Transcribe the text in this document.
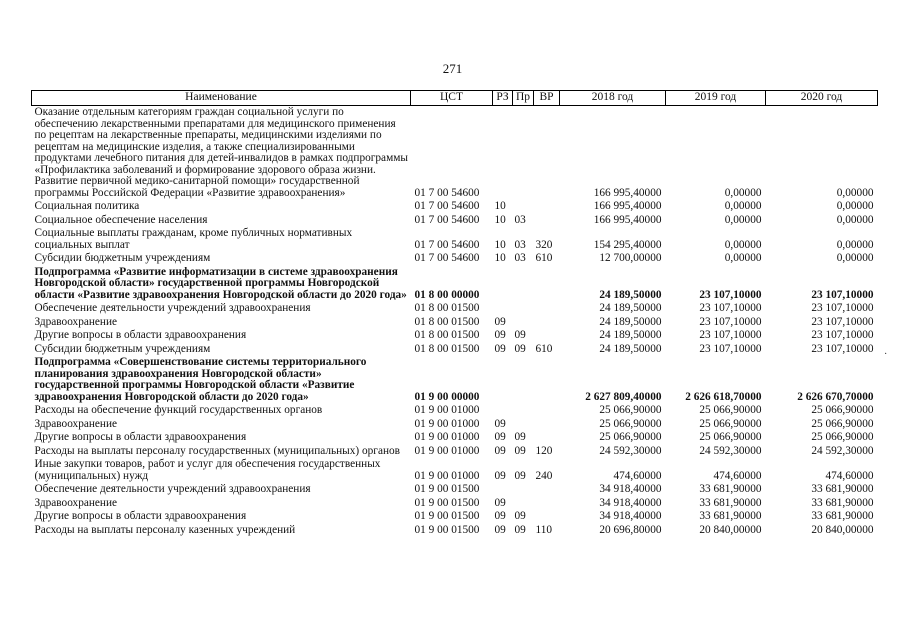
271
Наименование	ЦСТ	РЗ	Пр	ВР	2018 год	2019 год	2020 год
Оказание отдельным категориям граждан социальной услуги по обеспечению лекарственными препаратами для медицинского применения по рецептам на лекарственные препараты, медицинскими изделиями по рецептам на медицинские изделия, а также специализированными продуктами лечебного питания для детей-инвалидов в рамках подпрограммы «Профилактика заболеваний и формирование здорового образа жизни. Развитие первичной медико-санитарной помощи» государственной программы Российской Федерации «Развитие здравоохранения»	01 7 00 54600				166 995,40000	0,00000	0,00000
Социальная политика	01 7 00 54600	10			166 995,40000	0,00000	0,00000
Социальное обеспечение населения	01 7 00 54600	10	03		166 995,40000	0,00000	0,00000
Социальные выплаты гражданам, кроме публичных нормативных социальных выплат	01 7 00 54600	10	03	320	154 295,40000	0,00000	0,00000
Субсидии бюджетным учреждениям	01 7 00 54600	10	03	610	12 700,00000	0,00000	0,00000
Подпрограмма «Развитие информатизации в системе здравоохранения Новгородской области» государственной программы Новгородской области «Развитие здравоохранения Новгородской области до 2020 года»	01 8 00 00000				24 189,50000	23 107,10000	23 107,10000
Обеспечение деятельности учреждений здравоохранения	01 8 00 01500				24 189,50000	23 107,10000	23 107,10000
Здравоохранение	01 8 00 01500	09			24 189,50000	23 107,10000	23 107,10000
Другие вопросы в области здравоохранения	01 8 00 01500	09	09		24 189,50000	23 107,10000	23 107,10000
Субсидии бюджетным учреждениям	01 8 00 01500	09	09	610	24 189,50000	23 107,10000	23 107,10000
Подпрограмма «Совершенствование системы территориального планирования здравоохранения Новгородской области» государственной программы Новгородской области «Развитие здравоохранения Новгородской области до 2020 года»	01 9 00 00000				2 627 809,40000	2 626 618,70000	2 626 670,70000
Расходы на обеспечение функций государственных органов	01 9 00 01000				25 066,90000	25 066,90000	25 066,90000
Здравоохранение	01 9 00 01000	09			25 066,90000	25 066,90000	25 066,90000
Другие вопросы в области здравоохранения	01 9 00 01000	09	09		25 066,90000	25 066,90000	25 066,90000
Расходы на выплаты персоналу государственных (муниципальных) органов	01 9 00 01000	09	09	120	24 592,30000	24 592,30000	24 592,30000
Иные закупки товаров, работ и услуг для обеспечения государственных (муниципальных) нужд	01 9 00 01000	09	09	240	474,60000	474,60000	474,60000
Обеспечение деятельности учреждений здравоохранения	01 9 00 01500				34 918,40000	33 681,90000	33 681,90000
Здравоохранение	01 9 00 01500	09			34 918,40000	33 681,90000	33 681,90000
Другие вопросы в области здравоохранения	01 9 00 01500	09	09		34 918,40000	33 681,90000	33 681,90000
Расходы на выплаты персоналу казенных учреждений	01 9 00 01500	09	09	110	20 696,80000	20 840,00000	20 840,00000
·
